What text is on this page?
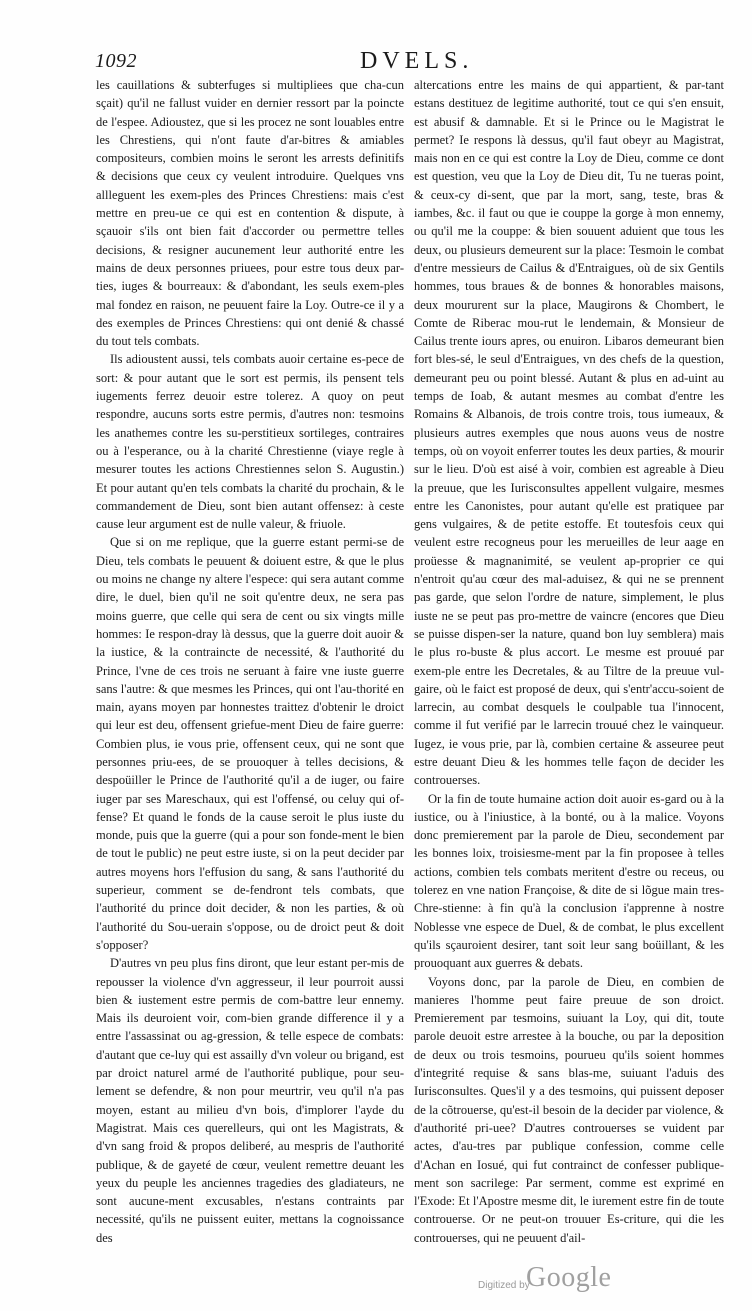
1092	DVELS.

les cauillations & subterfuges si multipliees que cha-cun sçait) qu'il ne fallust vuider en dernier ressort par la poincte de l'espee. Adioustez, que si les procez ne sont louables entre les Chrestiens, qui n'ont faute d'ar-bitres & amiables compositeurs, combien moins le seront les arrests definitifs & decisions que ceux cy veulent introduire. Quelques vns allleguent les exem-ples des Princes Chrestiens: mais c'est mettre en preu-ue ce qui est en contention & dispute, à sçauoir s'ils ont bien fait d'accorder ou permettre telles decisions, & resigner aucunement leur authorité entre les mains de deux personnes priuees, pour estre tous deux par-ties, iuges & bourreaux: & d'abondant, les seuls exem-ples mal fondez en raison, ne peuuent faire la Loy. Outre-ce il y a des exemples de Princes Chrestiens: qui ont denié & chassé du tout tels combats.

Ils adioustent aussi, tels combats auoir certaine es-pece de sort: & pour autant que le sort est permis, ils pensent tels iugements ferrez deuoir estre tolerez. A quoy on peut respondre, aucuns sorts estre permis, d'autres non: tesmoins les anathemes contre les su-perstitieux sortileges, contraires ou à l'esperance, ou à la charité Chrestienne (viaye regle à mesurer toutes les actions Chrestiennes selon S. Augustin.) Et pour autant qu'en tels combats la charité du prochain, & le commandement de Dieu, sont bien autant offensez: à ceste cause leur argument est de nulle valeur, & friuole.

Que si on me replique, que la guerre estant permi-se de Dieu, tels combats le peuuent & doiuent estre, & que le plus ou moins ne change ny altere l'espece: qui sera autant comme dire, le duel, bien qu'il ne soit qu'entre deux, ne sera pas moins guerre, que celle qui sera de cent ou six vingts mille hommes: Ie respon-dray là dessus, que la guerre doit auoir & la iustice, & la contraincte de necessité, & l'authorité du Prince, l'vne de ces trois ne seruant à faire vne iuste guerre sans l'autre: & que mesmes les Princes, qui ont l'au-thorité en main, ayans moyen par honnestes traittez d'obtenir le droict qui leur est deu, offensent griefue-ment Dieu de faire guerre: Combien plus, ie vous prie, offensent ceux, qui ne sont que personnes priu-ees, de se prouoquer à telles decisions, & despoüiller le Prince de l'authorité qu'il a de iuger, ou faire iuger par ses Mareschaux, qui est l'offensé, ou celuy qui of-fense? Et quand le fonds de la cause seroit le plus iuste du monde, puis que la guerre (qui a pour son fonde-ment le bien de tout le public) ne peut estre iuste, si on la peut decider par autres moyens hors l'effusion du sang, & sans l'authorité du superieur, comment se de-fendront tels combats, que l'authorité du prince doit decider, & non les parties, & où l'authorité du Sou-uerain s'oppose, ou de droict peut & doit s'opposer?

D'autres vn peu plus fins diront, que leur estant per-mis de repousser la violence d'vn aggresseur, il leur pourroit aussi bien & iustement estre permis de com-battre leur ennemy. Mais ils deuroient voir, com-bien grande difference il y a entre l'assassinat ou ag-gression, & telle espece de combats: d'autant que ce-luy qui est assailly d'vn voleur ou brigand, est par droict naturel armé de l'authorité publique, pour seu-lement se defendre, & non pour meurtrir, veu qu'il n'a pas moyen, estant au milieu d'vn bois, d'implorer l'ayde du Magistrat. Mais ces querelleurs, qui ont les Magistrats, & d'vn sang froid & propos deliberé, au mespris de l'authorité publique, & de gayeté de cœur, veulent remettre deuant les yeux du peuple les anciennes tragedies des gladiateurs, ne sont aucune-ment excusables, n'estans contraints par necessité, qu'ils ne puissent euiter, mettans la cognoissance des

altercations entre les mains de qui appartient, & par-tant estans destituez de legitime authorité, tout ce qui s'en ensuit, est abusif & damnable. Et si le Prince ou le Magistrat le permet? Ie respons là dessus, qu'il faut obeyr au Magistrat, mais non en ce qui est contre la Loy de Dieu, comme ce dont est question, veu que la Loy de Dieu dit, Tu ne tueras point, & ceux-cy di-sent, que par la mort, sang, teste, bras & iambes, &c. il faut ou que ie couppe la gorge à mon ennemy, ou qu'il me la couppe: & bien souuent aduient que tous les deux, ou plusieurs demeurent sur la place: Tesmoin le combat d'entre messieurs de Cailus & d'Entraigues, où de six Gentils hommes, tous braues & de bonnes & honorables maisons, deux moururent sur la place, Maugirons & Chombert, le Comte de Riberac mou-rut le lendemain, & Monsieur de Cailus trente iours apres, ou enuiron. Libaros demeurant bien fort bles-sé, le seul d'Entraigues, vn des chefs de la question, demeurant peu ou point blessé. Autant & plus en ad-uint au temps de Ioab, & autant mesmes au combat d'entre les Romains & Albanois, de trois contre trois, tous iumeaux, & plusieurs autres exemples que nous auons veus de nostre temps, où on voyoit enferrer toutes les deux parties, & mourir sur le lieu. D'où est aisé à voir, combien est agreable à Dieu la preuue, que les Iurisconsultes appellent vulgaire, mesmes entre les Canonistes, pour autant qu'elle est pratiquee par gens vulgaires, & de petite estoffe. Et toutesfois ceux qui veulent estre recogneus pour les merueilles de leur aage en proüesse & magnanimité, se veulent ap-proprier ce qui n'entroit qu'au cœur des mal-aduisez, & qui ne se prennent pas garde, que selon l'ordre de nature, simplement, le plus iuste ne se peut pas pro-mettre de vaincre (encores que Dieu se puisse dispen-ser la nature, quand bon luy semblera) mais le plus ro-buste & plus accort. Le mesme est prouué par exem-ple entre les Decretales, & au Tiltre de la preuue vul-gaire, où le faict est proposé de deux, qui s'entr'accu-soient de larrecin, au combat desquels le coulpable tua l'innocent, comme il fut verifié par le larrecin trouué chez le vainqueur. Iugez, ie vous prie, par là, combien certaine & asseuree peut estre deuant Dieu & les hommes telle façon de decider les controuerses.

Or la fin de toute humaine action doit auoir es-gard ou à la iustice, ou à l'iniustice, à la bonté, ou à la malice. Voyons donc premierement par la parole de Dieu, secondement par les bonnes loix, troisiesme-ment par la fin proposee à telles actions, combien tels combats meritent d'estre ou receus, ou tolerez en vne nation Françoise, & dite de si lõgue main tres-Chre-stienne: à fin qu'à la conclusion i'apprenne à nostre Noblesse vne espece de Duel, & de combat, le plus excellent qu'ils sçauroient desirer, tant soit leur sang boüillant, & les prouoquant aux guerres & debats.

Voyons donc, par la parole de Dieu, en combien de manieres l'homme peut faire preuue de son droict. Premierement par tesmoins, suiuant la Loy, qui dit, toute parole deuoit estre arrestee à la bouche, ou par la deposition de deux ou trois tesmoins, pourueu qu'ils soient hommes d'integrité requise & sans blas-me, suiuant l'aduis des Iurisconsultes. Ques'il y a des tesmoins, qui puissent deposer de la cõtrouerse, qu'est-il besoin de la decider par violence, & d'authorité pri-uee? D'autres controuerses se vuident par actes, d'au-tres par publique confession, comme celle d'Achan en Iosué, qui fut contrainct de confesser publique-ment son sacrilege: Par serment, comme est exprimé en l'Exode: Et l'Apostre mesme dit, le iurement estre fin de toute controuerse. Or ne peut-on trouuer Es-criture, qui die les controuerses, qui ne peuuent d'ail-

Digitized by
Google
